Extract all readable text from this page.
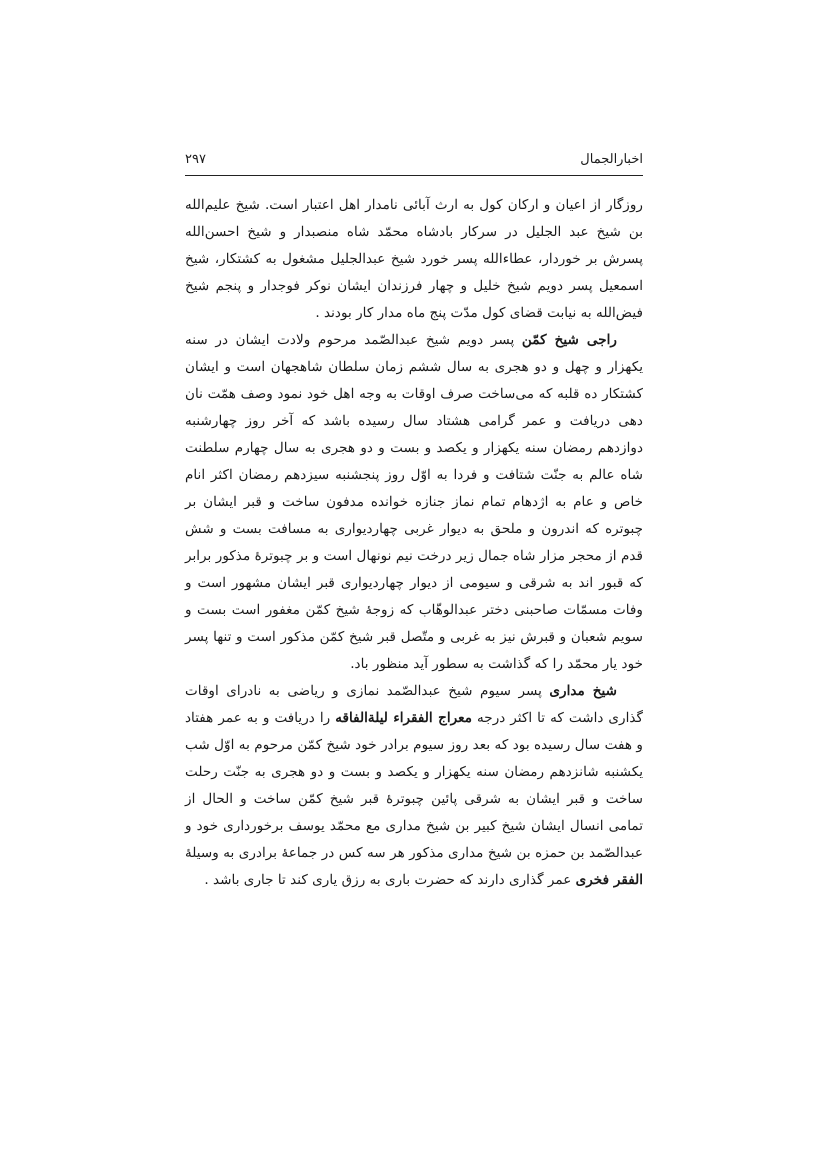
اخبارالجمال
۲۹۷

روزگار از اعیان و ارکان کول به ارث آبائی نامدار اهل اعتبار است. شیخ علیم‌الله بن شیخ عبد الجلیل در سرکار بادشاه محمّد شاه منصبدار و شیخ احسن‌الله پسرش بر خوردار، عطاءالله پسر خورد شیخ عبدالجلیل مشغول به کشتکار، شیخ اسمعیل پسر دویم شیخ خلیل و چهار فرزندان ایشان نوکر فوجدار و پنجم شیخ فیض‌الله به نیابت قضای کول مدّت پنج ماه مدار کار بودند .

راجی شیخ کمّن پسر دویم شیخ عبدالصّمد مرحوم ولادت ایشان در سنه یکهزار و چهل و دو هجری به سال ششم زمان سلطان شاهجهان است و ایشان کشتکار ده قلبه که می‌ساخت صرف اوقات به وجه اهل خود نمود وصف همّت نان دهی دریافت و عمر گرامی هشتاد سال رسیده باشد که آخر روز چهارشنبه دوازدهم رمضان سنه یکهزار و یکصد و بست و دو هجری به سال چهارم سلطنت شاه عالم به جنّت شتافت و فردا به اوّل روز پنجشنبه سیزدهم رمضان اکثر انام خاص و عام به اژدهام تمام نماز جنازه خوانده مدفون ساخت و قبر ایشان بر چبوتره که اندرون و ملحق به دیوار غربی چهاردیواری به مسافت بست و شش قدم از محجر مزار شاه جمال زیر درخت نیم نونهال است و بر چبوترهٔ مذکور برابر که قبور اند به شرقی و سیومی از دیوار چهاردیواری قبر ایشان مشهور است و وفات مسمّات صاحبنی دختر عبدالوهّاب که زوجهٔ شیخ کمّن مغفور است بست و سویم شعبان و قبرش نیز به غربی و متّصل قبر شیخ کمّن مذکور است و تنها پسر خود یار محمّد را که گذاشت به سطور آید منظور باد.

شیخ مداری پسر سیوم شیخ عبدالصّمد نمازی و ریاضی به نادرای اوقات گذاری داشت که تا اکثر درجه معراج الفقراء لیلةالفاقه را دریافت و به عمر هفتاد و هفت سال رسیده بود که بعد روز سیوم برادر خود شیخ کمّن مرحوم به اوّل شب یکشنبه شانزدهم رمضان سنه یکهزار و یکصد و بست و دو هجری به جنّت رحلت ساخت و قبر ایشان به شرقی پائین چبوترهٔ قبر شیخ کمّن ساخت و الحال از تمامی انسال ایشان شیخ کبیر بن شیخ مداری مع محمّد یوسف برخورداری خود و عبدالصّمد بن حمزه بن شیخ مداری مذکور هر سه کس در جماعهٔ برادری به وسیلهٔ الفقر فخری عمر گذاری دارند که حضرت باری به رزق یاری کند تا جاری باشد .
